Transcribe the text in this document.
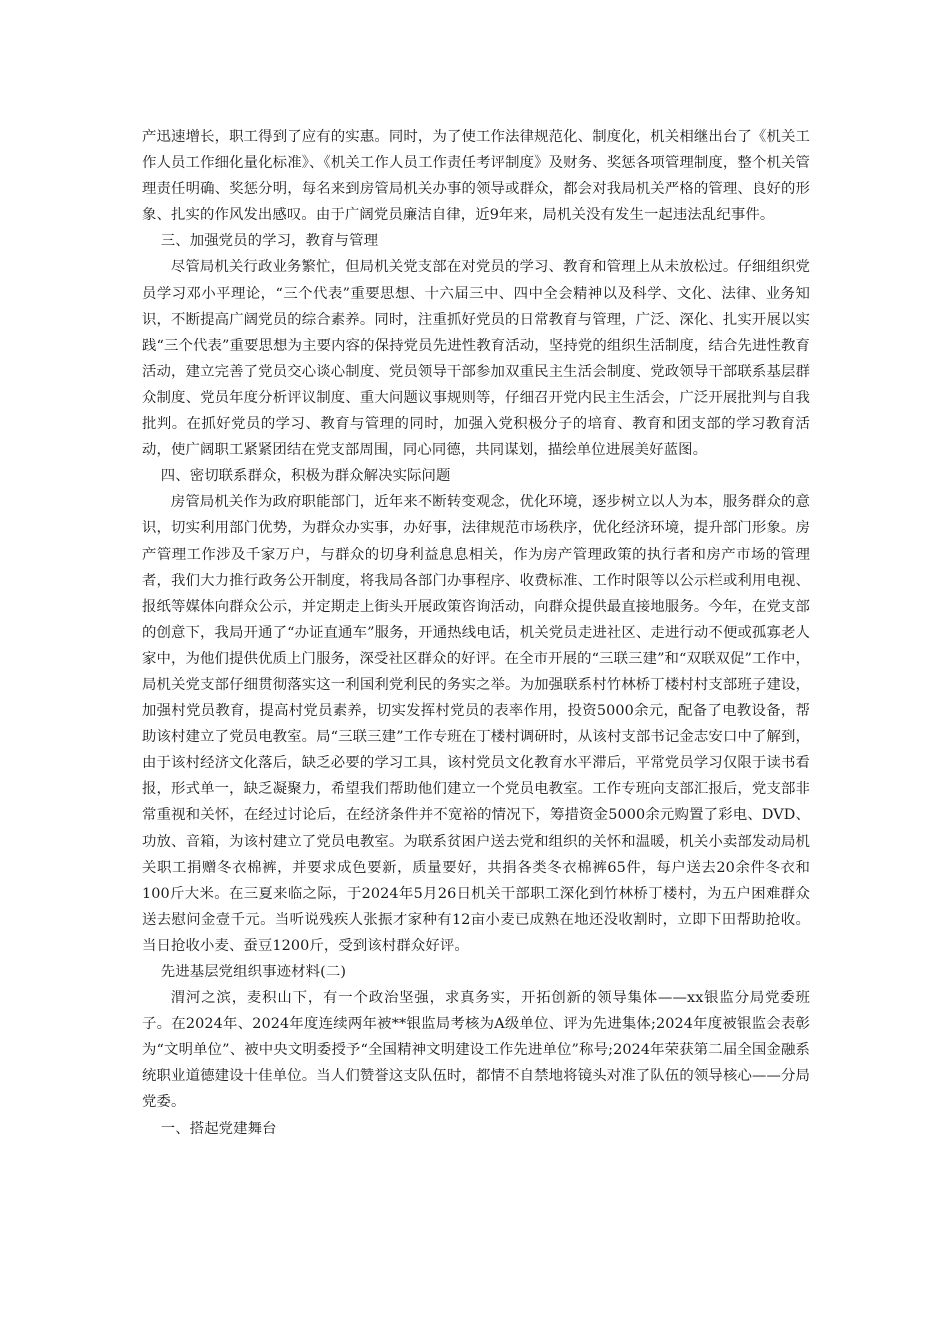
产迅速增长，职工得到了应有的实惠。同时，为了使工作法律规范化、制度化，机关相继出台了《机关工作人员工作细化量化标准》、《机关工作人员工作责任考评制度》及财务、奖惩各项管理制度，整个机关管理责任明确、奖惩分明，每名来到房管局机关办事的领导或群众，都会对我局机关严格的管理、良好的形象、扎实的作风发出感叹。由于广阔党员廉洁自律，近9年来，局机关没有发生一起违法乱纪事件。

三、加强党员的学习，教育与管理

尽管局机关行政业务繁忙，但局机关党支部在对党员的学习、教育和管理上从未放松过。仔细组织党员学习邓小平理论，“三个代表”重要思想、十六届三中、四中全会精神以及科学、文化、法律、业务知识，不断提高广阔党员的综合素养。同时，注重抓好党员的日常教育与管理，广泛、深化、扎实开展以实践“三个代表”重要思想为主要内容的保持党员先进性教育活动，坚持党的组织生活制度，结合先进性教育活动，建立完善了党员交心谈心制度、党员领导干部参加双重民主生活会制度、党政领导干部联系基层群众制度、党员年度分析评议制度、重大问题议事规则等，仔细召开党内民主生活会，广泛开展批判与自我批判。在抓好党员的学习、教育与管理的同时，加强入党积极分子的培育、教育和团支部的学习教育活动，使广阔职工紧紧团结在党支部周围，同心同德，共同谋划，描绘单位进展美好蓝图。

四、密切联系群众，积极为群众解决实际问题

房管局机关作为政府职能部门，近年来不断转变观念，优化环境，逐步树立以人为本，服务群众的意识，切实利用部门优势，为群众办实事，办好事，法律规范市场秩序，优化经济环境，提升部门形象。房产管理工作涉及千家万户，与群众的切身利益息息相关，作为房产管理政策的执行者和房产市场的管理者，我们大力推行政务公开制度，将我局各部门办事程序、收费标准、工作时限等以公示栏或利用电视、报纸等媒体向群众公示，并定期走上街头开展政策咨询活动，向群众提供最直接地服务。今年，在党支部的创意下，我局开通了“办证直通车”服务，开通热线电话，机关党员走进社区、走进行动不便或孤寡老人家中，为他们提供优质上门服务，深受社区群众的好评。在全市开展的“三联三建”和“双联双促”工作中，局机关党支部仔细贯彻落实这一利国利党利民的务实之举。为加强联系村竹林桥丁楼村村支部班子建设，加强村党员教育，提高村党员素养，切实发挥村党员的表率作用，投资5000余元，配备了电教设备，帮助该村建立了党员电教室。局“三联三建”工作专班在丁楼村调研时，从该村支部书记金志安口中了解到，由于该村经济文化落后，缺乏必要的学习工具，该村党员文化教育水平滞后，平常党员学习仅限于读书看报，形式单一，缺乏凝聚力，希望我们帮助他们建立一个党员电教室。工作专班向支部汇报后，党支部非常重视和关怀，在经过讨论后，在经济条件并不宽裕的情况下，筹措资金5000余元购置了彩电、DVD、功放、音箱，为该村建立了党员电教室。为联系贫困户送去党和组织的关怀和温暖，机关小卖部发动局机关职工捐赠冬衣棉裤，并要求成色要新，质量要好，共捐各类冬衣棉裤65件，每户送去20余件冬衣和100斤大米。在三夏来临之际，于2024年5月26日机关干部职工深化到竹林桥丁楼村，为五户困难群众送去慰问金壹千元。当听说残疾人张振才家种有12亩小麦已成熟在地还没收割时，立即下田帮助抢收。当日抢收小麦、蚕豆1200斤，受到该村群众好评。

先进基层党组织事迹材料(二)

渭河之滨，麦积山下，有一个政治坚强，求真务实，开拓创新的领导集体——xx银监分局党委班子。在2024年、2024年度连续两年被**银监局考核为A级单位、评为先进集体;2024年度被银监会表彰为“文明单位”、被中央文明委授予“全国精神文明建设工作先进单位”称号;2024年荣获第二届全国金融系统职业道德建设十佳单位。当人们赞誉这支队伍时，都情不自禁地将镜头对准了队伍的领导核心——分局党委。

一、搭起党建舞台
